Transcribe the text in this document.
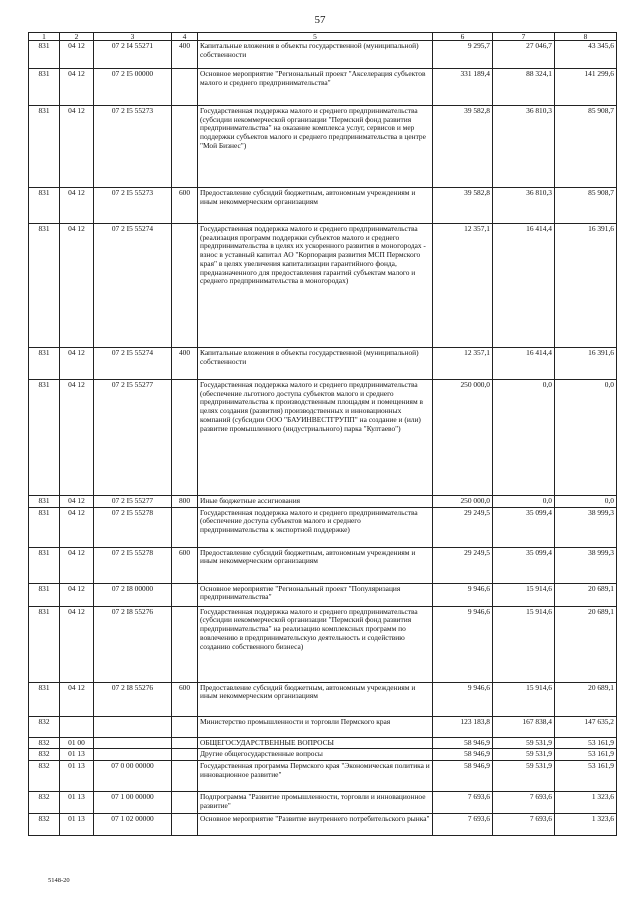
57
1	2	3	4	5	6	7	8
831	04 12	07 2 I4 55271	400	Капитальные вложения в объекты государственной (муниципальной) собственности	9 295,7	27 046,7	43 345,6
831	04 12	07 2 I5 00000		Основное мероприятие "Региональный проект "Акселерация субъектов малого и среднего предпринимательства"	331 189,4	88 324,1	141 299,6
831	04 12	07 2 I5 55273		Государственная поддержка малого и среднего предпринимательства (субсидии некоммерческой организации "Пермский фонд развития предпринимательства" на оказание комплекса услуг, сервисов и мер поддержки субъектов малого и среднего предпринимательства в центре "Мой Бизнес")	39 582,8	36 810,3	85 908,7
831	04 12	07 2 I5 55273	600	Предоставление субсидий бюджетным, автономным учреждениям и иным некоммерческим организациям	39 582,8	36 810,3	85 908,7
831	04 12	07 2 I5 55274		Государственная поддержка малого и среднего предпринимательства (реализация программ поддержки субъектов малого и среднего предпринимательства в целях их ускоренного развития в моногородах - взнос в уставный капитал АО "Корпорация развития МСП Пермского края" в целях увеличения капитализации гарантийного фонда, предназначенного для предоставления гарантий субъектам малого и среднего предпринимательства в моногородах)	12 357,1	16 414,4	16 391,6
831	04 12	07 2 I5 55274	400	Капитальные вложения в объекты государственной (муниципальной) собственности	12 357,1	16 414,4	16 391,6
831	04 12	07 2 I5 55277		Государственная поддержка малого и среднего предпринимательства (обеспечение льготного доступа субъектов малого и среднего предпринимательства к производственным площадям и помещениям в целях создания (развития) производственных и инновационных компаний (субсидии ООО "БАУИНВЕСТГРУПП" на создание и (или) развитие промышленного (индустриального) парка "Култаево")	250 000,0	0,0	0,0
831	04 12	07 2 I5 55277	800	Иные бюджетные ассигнования	250 000,0	0,0	0,0
831	04 12	07 2 I5 55278		Государственная поддержка малого и среднего предпринимательства (обеспечение доступа субъектов малого и среднего предпринимательства к экспортной поддержке)	29 249,5	35 099,4	38 999,3
831	04 12	07 2 I5 55278	600	Предоставление субсидий бюджетным, автономным учреждениям и иным некоммерческим организациям	29 249,5	35 099,4	38 999,3
831	04 12	07 2 I8 00000		Основное мероприятие "Региональный проект "Популяризация предпринимательства"	9 946,6	15 914,6	20 689,1
831	04 12	07 2 I8 55276		Государственная поддержка малого и среднего предпринимательства (субсидии некоммерческой организации "Пермский фонд развития предпринимательства" на реализацию комплексных программ по вовлечению в предпринимательскую деятельность и содействию созданию собственного бизнеса)	9 946,6	15 914,6	20 689,1
831	04 12	07 2 I8 55276	600	Предоставление субсидий бюджетным, автономным учреждениям и иным некоммерческим организациям	9 946,6	15 914,6	20 689,1
832				Министерство промышленности и торговли Пермского края	123 183,8	167 838,4	147 635,2
832	01 00			ОБЩЕГОСУДАРСТВЕННЫЕ ВОПРОСЫ	58 946,9	59 531,9	53 161,9
832	01 13			Другие общегосударственные вопросы	58 946,9	59 531,9	53 161,9
832	01 13	07 0 00 00000		Государственная программа Пермского края "Экономическая политика и инновационное развитие"	58 946,9	59 531,9	53 161,9
832	01 13	07 1 00 00000		Подпрограмма "Развитие промышленности, торговли и инновационное развитие"	7 693,6	7 693,6	1 323,6
832	01 13	07 1 02 00000		Основное мероприятие "Развитие внутреннего потребительского рынка"	7 693,6	7 693,6	1 323,6
5148-20
